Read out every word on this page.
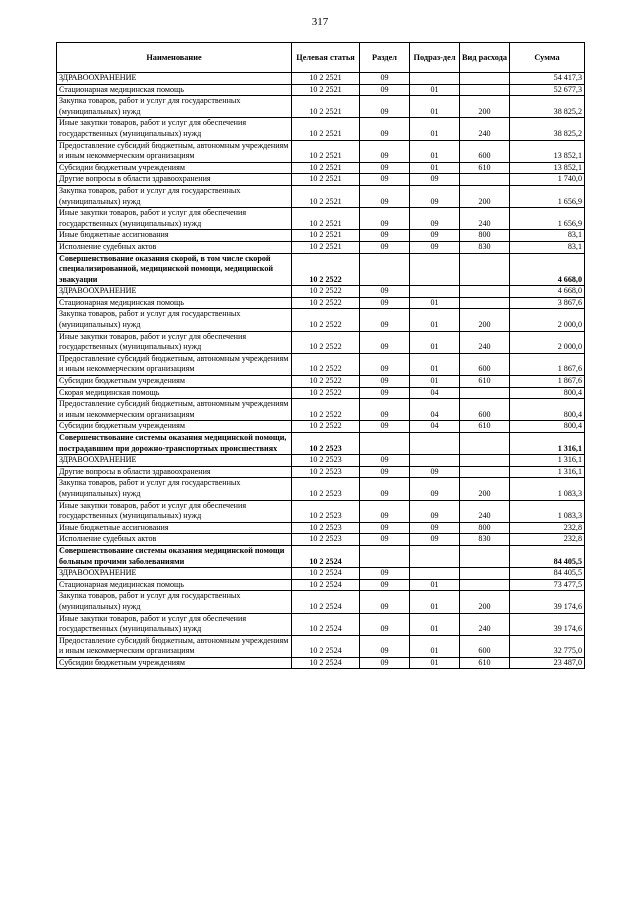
317
Наименование	Целевая статья	Раздел	Подраз-дел	Вид расхода	Сумма
ЗДРАВООХРАНЕНИЕ	10 2 2521	09			54 417,3
Стационарная медицинская помощь	10 2 2521	09	01		52 677,3
Закупка товаров, работ и услуг для государственных (муниципальных) нужд	10 2 2521	09	01	200	38 825,2
Иные закупки товаров, работ и услуг для обеспечения государственных (муниципальных) нужд	10 2 2521	09	01	240	38 825,2
Предоставление субсидий бюджетным, автономным учреждениям и иным некоммерческим организациям	10 2 2521	09	01	600	13 852,1
Субсидии бюджетным учреждениям	10 2 2521	09	01	610	13 852,1
Другие вопросы в области здравоохранения	10 2 2521	09	09		1 740,0
Закупка товаров, работ и услуг для государственных (муниципальных) нужд	10 2 2521	09	09	200	1 656,9
Иные закупки товаров, работ и услуг для обеспечения государственных (муниципальных) нужд	10 2 2521	09	09	240	1 656,9
Иные бюджетные ассигнования	10 2 2521	09	09	800	83,1
Исполнение судебных актов	10 2 2521	09	09	830	83,1
Совершенствование оказания скорой, в том числе скорой специализированной, медицинской помощи, медицинской эвакуации	10 2 2522				4 668,0
ЗДРАВООХРАНЕНИЕ	10 2 2522	09			4 668,0
Стационарная медицинская помощь	10 2 2522	09	01		3 867,6
Закупка товаров, работ и услуг для государственных (муниципальных) нужд	10 2 2522	09	01	200	2 000,0
Иные закупки товаров, работ и услуг для обеспечения государственных (муниципальных) нужд	10 2 2522	09	01	240	2 000,0
Предоставление субсидий бюджетным, автономным учреждениям и иным некоммерческим организациям	10 2 2522	09	01	600	1 867,6
Субсидии бюджетным учреждениям	10 2 2522	09	01	610	1 867,6
Скорая медицинская помощь	10 2 2522	09	04		800,4
Предоставление субсидий бюджетным, автономным учреждениям и иным некоммерческим организациям	10 2 2522	09	04	600	800,4
Субсидии бюджетным учреждениям	10 2 2522	09	04	610	800,4
Совершенствование системы оказания медицинской помощи, пострадавшим при дорожно-транспортных происшествиях	10 2 2523				1 316,1
ЗДРАВООХРАНЕНИЕ	10 2 2523	09			1 316,1
Другие вопросы в области здравоохранения	10 2 2523	09	09		1 316,1
Закупка товаров, работ и услуг для государственных (муниципальных) нужд	10 2 2523	09	09	200	1 083,3
Иные закупки товаров, работ и услуг для обеспечения государственных (муниципальных) нужд	10 2 2523	09	09	240	1 083,3
Иные бюджетные ассигнования	10 2 2523	09	09	800	232,8
Исполнение судебных актов	10 2 2523	09	09	830	232,8
Совершенствование системы оказания медицинской помощи больным прочими заболеваниями	10 2 2524				84 405,5
ЗДРАВООХРАНЕНИЕ	10 2 2524	09			84 405,5
Стационарная медицинская помощь	10 2 2524	09	01		73 477,5
Закупка товаров, работ и услуг для государственных (муниципальных) нужд	10 2 2524	09	01	200	39 174,6
Иные закупки товаров, работ и услуг для обеспечения государственных (муниципальных) нужд	10 2 2524	09	01	240	39 174,6
Предоставление субсидий бюджетным, автономным учреждениям и иным некоммерческим организациям	10 2 2524	09	01	600	32 775,0
Субсидии бюджетным учреждениям	10 2 2524	09	01	610	23 487,0
